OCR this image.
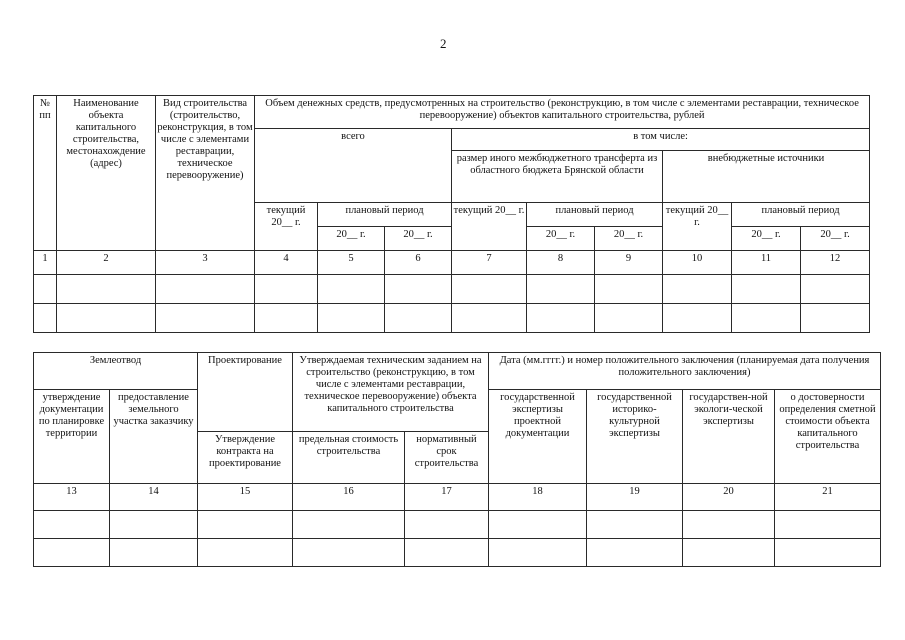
2
№ пп	Наименование объекта капитального строительства, местонахождение (адрес)	Вид строительства (строительство, реконструкция, в том числе с элементами реставрации, техническое перевооружение)	Объем денежных средств, предусмотренных на строительство (реконструкцию, в том числе с элементами реставрации, техническое перевооружение) объектов капитального строительства, рублей								
			всего			в том числе:					
						размер иного межбюджетного трансферта из областного бюджета Брянской области			внебюджетные источники		
			текущий 20__ г.	плановый период		текущий 20__ г.	плановый период		текущий 20__ г.	плановый период	
				20__ г.	20__ г.		20__ г.	20__ г.		20__ г.	20__ г.
1	2	3	4	5	6	7	8	9	10	11	12

Землеотвод		Проектирование	Утверждаемая техническим заданием на строительство (реконструкцию, в том числе с элементами реставрации, техническое перевооружение) объекта капитального строительства		Дата (мм.гггг.) и номер положительного заключения (планируемая дата получения положительного заключения)			
утверждение документации по планировке территории	предоставление земельного участка заказчику				государственной экспертизы проектной документации	государственной историко-культурной экспертизы	государствен-ной экологи-ческой экспертизы	о достоверности определения сметной стоимости объекта капитального строительства
		Утверждение контракта на проектирование	предельная стоимость строительства	нормативный срок строительства				
13	14	15	16	17	18	19	20	21
